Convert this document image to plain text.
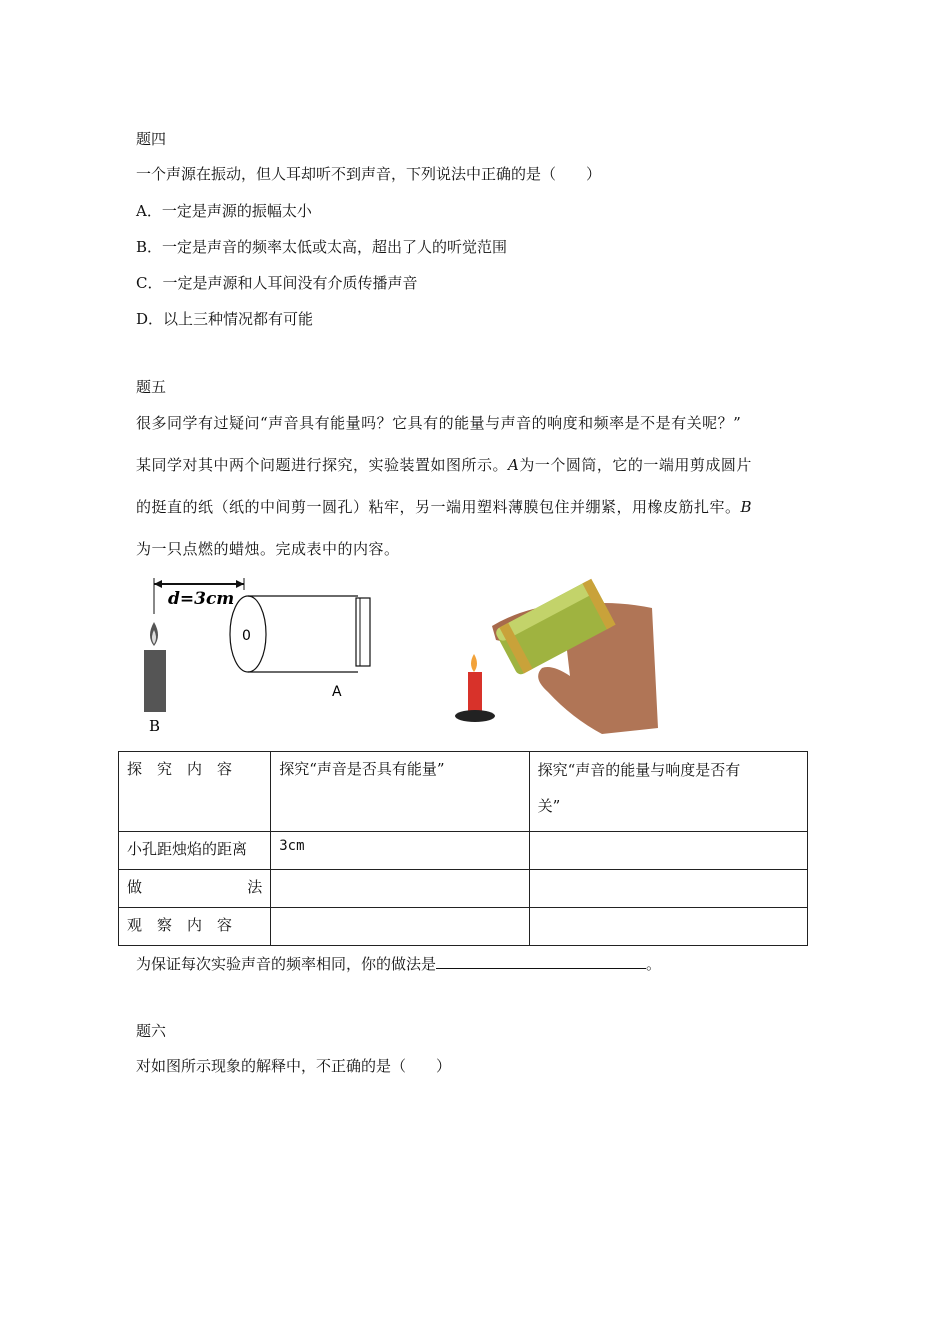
题四
一个声源在振动，但人耳却听不到声音，下列说法中正确的是（　　）
A．一定是声源的振幅太小
B．一定是声音的频率太低或太高，超出了人的听觉范围
C．一定是声源和人耳间没有介质传播声音
D．以上三种情况都有可能
题五
很多同学有过疑问“声音具有能量吗？它具有的能量与声音的响度和频率是不是有关呢？”
某同学对其中两个问题进行探究，实验装置如图所示。A为一个圆筒，它的一端用剪成圆片
的挺直的纸（纸的中间剪一圆孔）粘牢，另一端用塑料薄膜包住并绷紧，用橡皮筋扎牢。B
为一只点燃的蜡烛。完成表中的内容。
d=3cm
B
0
A
探　究　内　容	探究“声音是否具有能量”	探究“声音的能量与响度是否有
关”

小孔距烛焰的距离	3cm	

做 法		

观　察　内　容		
为保证每次实验声音的频率相同，你的做法是	。
题六
对如图所示现象的解释中，不正确的是（　　）
